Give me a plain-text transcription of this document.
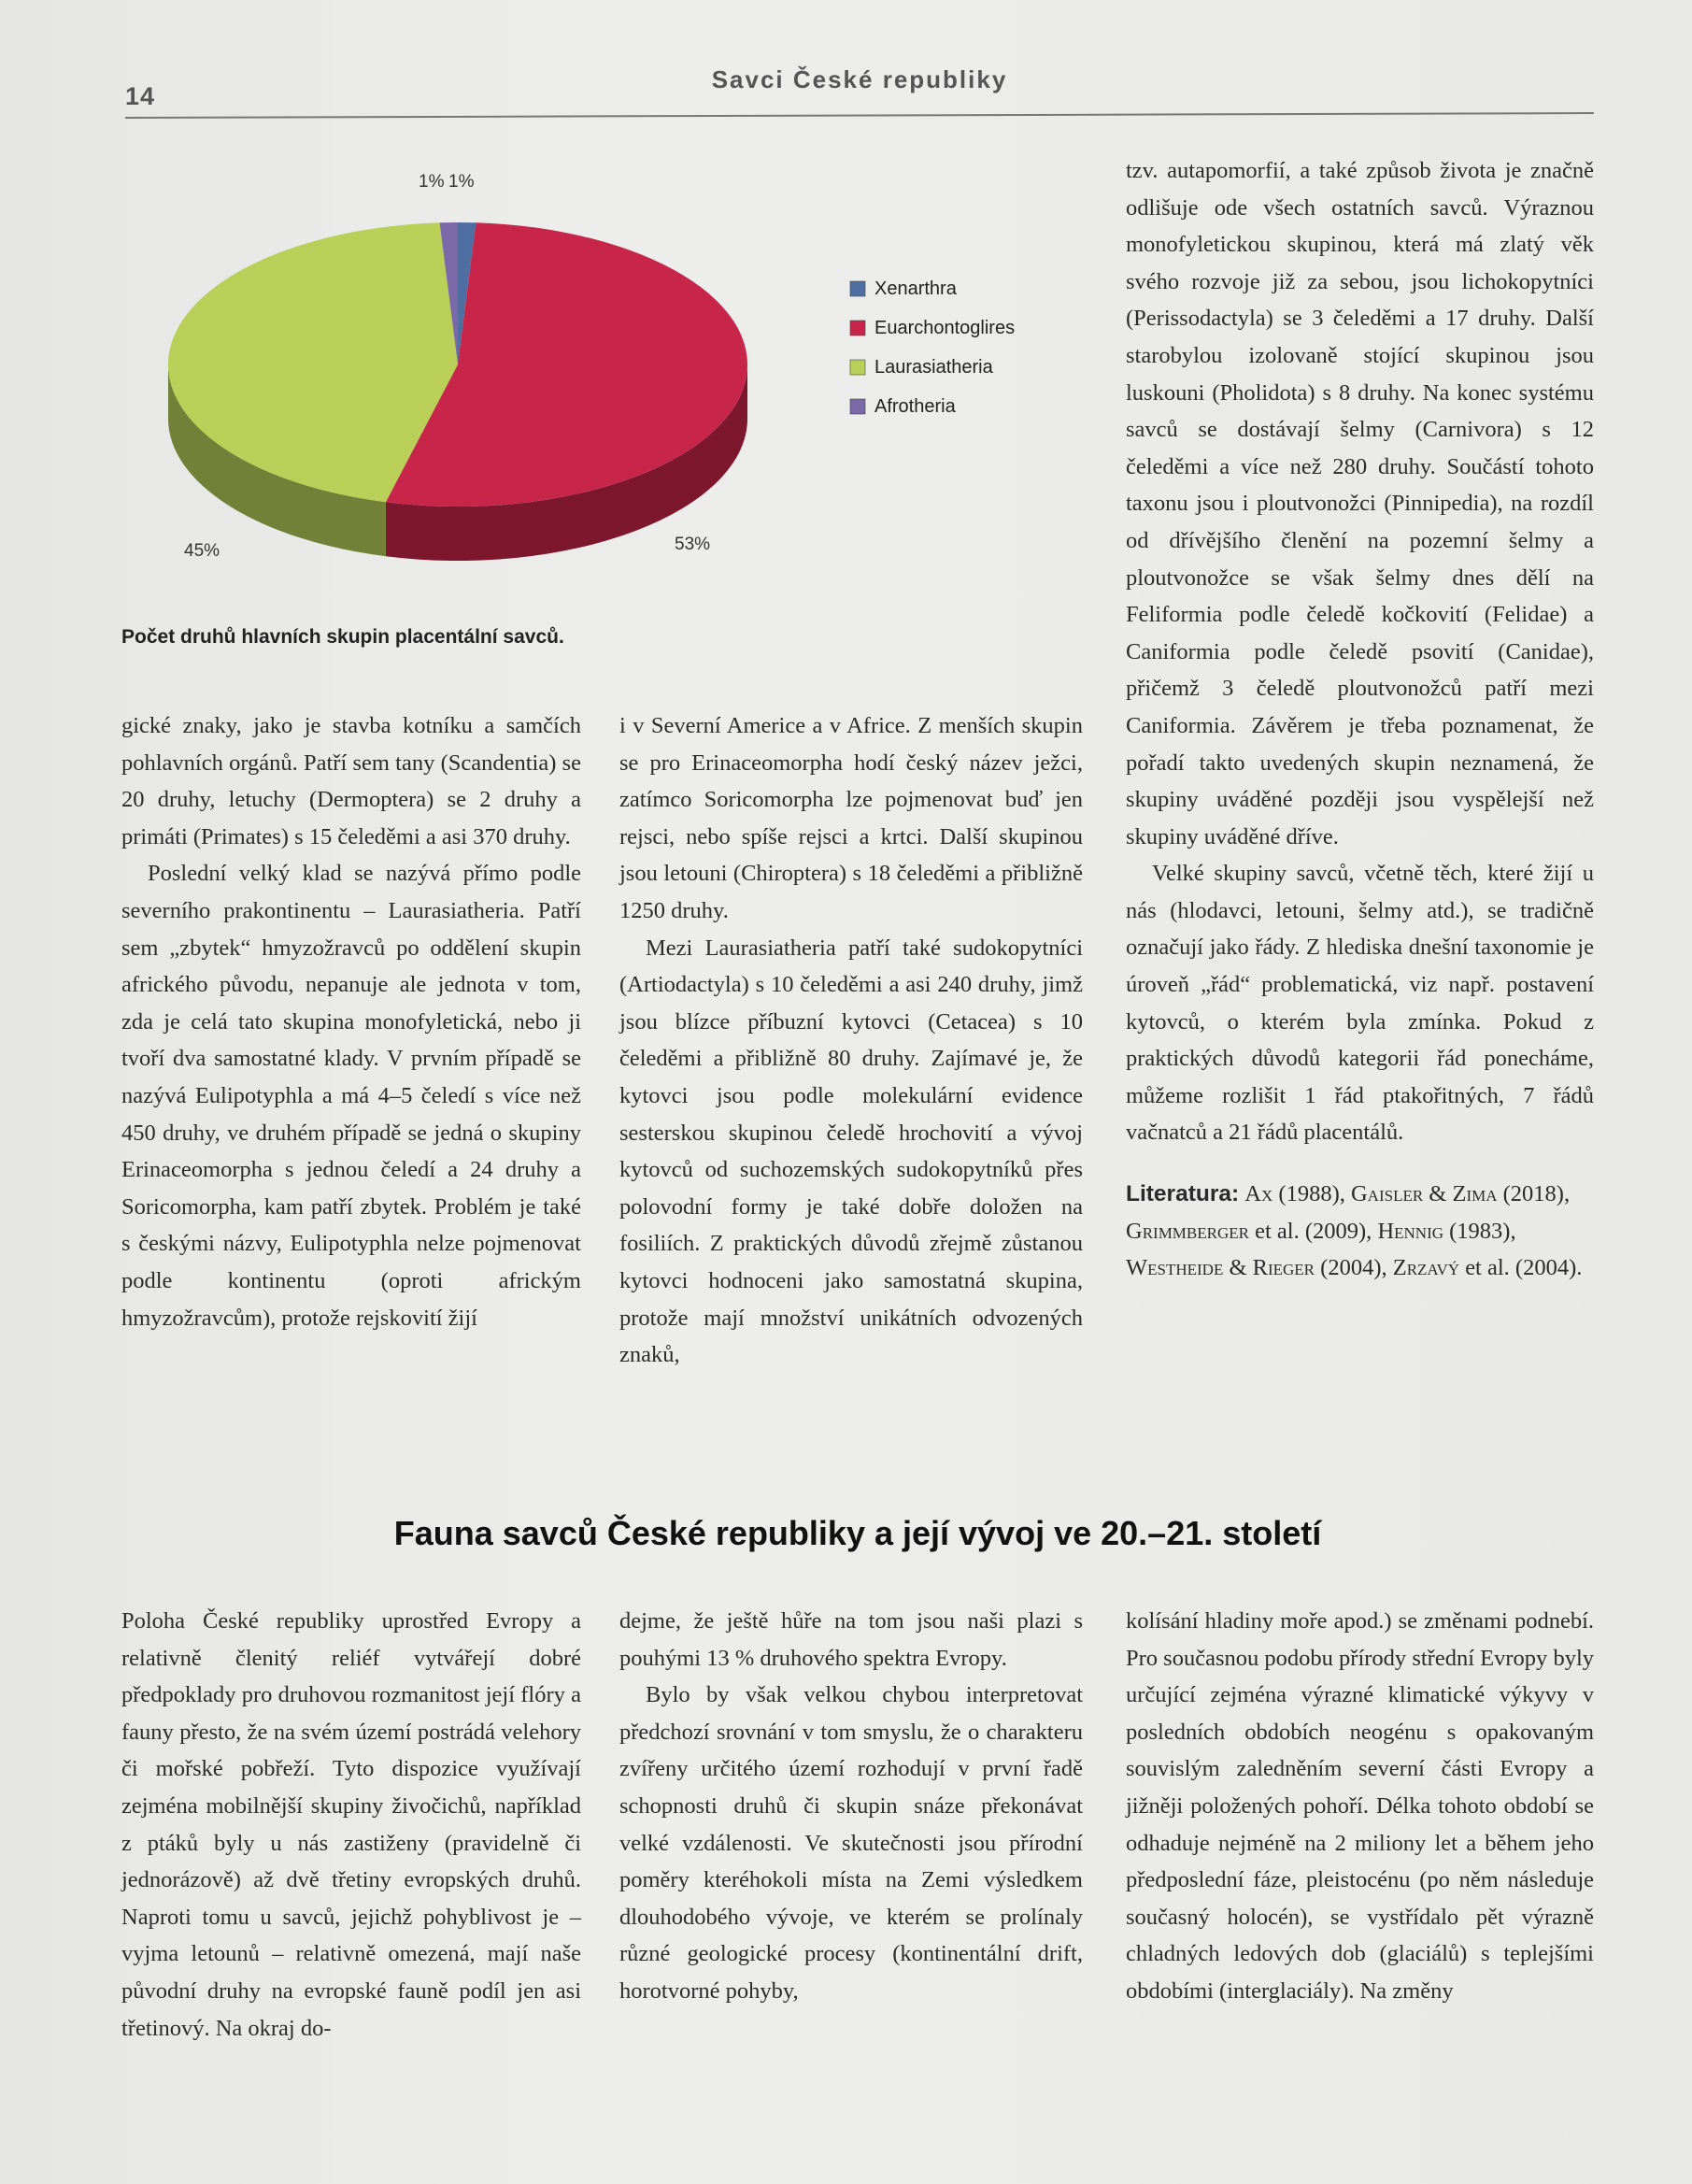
14
Savci České republiky
1%
53%
45%
1%
Xenarthra
Euarchontoglires
Laurasiatheria
Afrotheria
Počet druhů hlavních skupin placentální savců.

gické znaky, jako je stavba kotníku a samčích pohlavních orgánů. Patří sem tany (Scandentia) se 20 druhy, letuchy (Dermoptera) se 2 druhy a primáti (Primates) s 15 čeleděmi a asi 370 druhy.

Poslední velký klad se nazývá přímo podle severního prakontinentu – Laurasiatheria. Patří sem „zbytek“ hmyzožravců po oddělení skupin afrického původu, nepanuje ale jednota v tom, zda je celá tato skupina monofyletická, nebo ji tvoří dva samostatné klady. V prvním případě se nazývá Eulipotyphla a má 4–5 čeledí s více než 450 druhy, ve druhém případě se jedná o skupiny Erinaceomorpha s jednou čeledí a 24 druhy a Soricomorpha, kam patří zbytek. Problém je také s českými názvy, Eulipotyphla nelze pojmenovat podle kontinentu (oproti africkým hmyzožravcům), protože rejskovití žijí

i v Severní Americe a v Africe. Z menších skupin se pro Erinaceomorpha hodí český název ježci, zatímco Soricomorpha lze pojmenovat buď jen rejsci, nebo spíše rejsci a krtci. Další skupinou jsou letouni (Chiroptera) s 18 čeleděmi a přibližně 1250 druhy.

Mezi Laurasiatheria patří také sudokopytníci (Artiodactyla) s 10 čeleděmi a asi 240 druhy, jimž jsou blízce příbuzní kytovci (Cetacea) s 10 čeleděmi a přibližně 80 druhy. Zajímavé je, že kytovci jsou podle molekulární evidence sesterskou skupinou čeledě hrochovití a vývoj kytovců od suchozemských sudokopytníků přes polovodní formy je také dobře doložen na fosiliích. Z praktických důvodů zřejmě zůstanou kytovci hodnoceni jako samostatná skupina, protože mají množství unikátních odvozených znaků,

tzv. autapomorfií, a také způsob života je značně odlišuje ode všech ostatních savců. Výraznou monofyletickou skupinou, která má zlatý věk svého rozvoje již za sebou, jsou lichokopytníci (Perissodactyla) se 3 čeleděmi a 17 druhy. Další starobylou izolovaně stojící skupinou jsou luskouni (Pholidota) s 8 druhy. Na konec systému savců se dostávají šelmy (Carnivora) s 12 čeleděmi a více než 280 druhy. Součástí tohoto taxonu jsou i ploutvonožci (Pinnipedia), na rozdíl od dřívějšího členění na pozemní šelmy a ploutvonožce se však šelmy dnes dělí na Feliformia podle čeledě kočkovití (Felidae) a Caniformia podle čeledě psovití (Canidae), přičemž 3 čeledě ploutvonožců patří mezi Caniformia. Závěrem je třeba poznamenat, že pořadí takto uvedených skupin neznamená, že skupiny uváděné později jsou vyspělejší než skupiny uváděné dříve.

Velké skupiny savců, včetně těch, které žijí u nás (hlodavci, letouni, šelmy atd.), se tradičně označují jako řády. Z hlediska dnešní taxonomie je úroveň „řád“ problematická, viz např. postavení kytovců, o kterém byla zmínka. Pokud z praktických důvodů kategorii řád ponecháme, můžeme rozlišit 1 řád ptakořitných, 7 řádů vačnatců a 21 řádů placentálů.

Literatura: Ax (1988), Gaisler & Zima (2018), Grimmberger et al. (2009), Hennig (1983), Westheide & Rieger (2004), Zrzavý et al. (2004).

Fauna savců České republiky a její vývoj ve 20.–21. století

Poloha České republiky uprostřed Evropy a relativně členitý reliéf vytvářejí dobré předpoklady pro druhovou rozmanitost její flóry a fauny přesto, že na svém území postrádá velehory či mořské pobřeží. Tyto dispozice využívají zejména mobilnější skupiny živočichů, například z ptáků byly u nás zastiženy (pravidelně či jednorázově) až dvě třetiny evropských druhů. Naproti tomu u savců, jejichž pohyblivost je – vyjma letounů – relativně omezená, mají naše původní druhy na evropské fauně podíl jen asi třetinový. Na okraj do-

dejme, že ještě hůře na tom jsou naši plazi s pouhými 13 % druhového spektra Evropy.

Bylo by však velkou chybou interpretovat předchozí srovnání v tom smyslu, že o charakteru zvířeny určitého území rozhodují v první řadě schopnosti druhů či skupin snáze překonávat velké vzdálenosti. Ve skutečnosti jsou přírodní poměry kteréhokoli místa na Zemi výsledkem dlouhodobého vývoje, ve kterém se prolínaly různé geologické procesy (kontinentální drift, horotvorné pohyby,

kolísání hladiny moře apod.) se změnami podnebí. Pro současnou podobu přírody střední Evropy byly určující zejména výrazné klimatické výkyvy v posledních obdobích neogénu s opakovaným souvislým zaledněním severní části Evropy a jižněji položených pohoří. Délka tohoto období se odhaduje nejméně na 2 miliony let a během jeho předposlední fáze, pleistocénu (po něm následuje současný holocén), se vystřídalo pět výrazně chladných ledových dob (glaciálů) s teplejšími obdobími (interglaciály). Na změny
